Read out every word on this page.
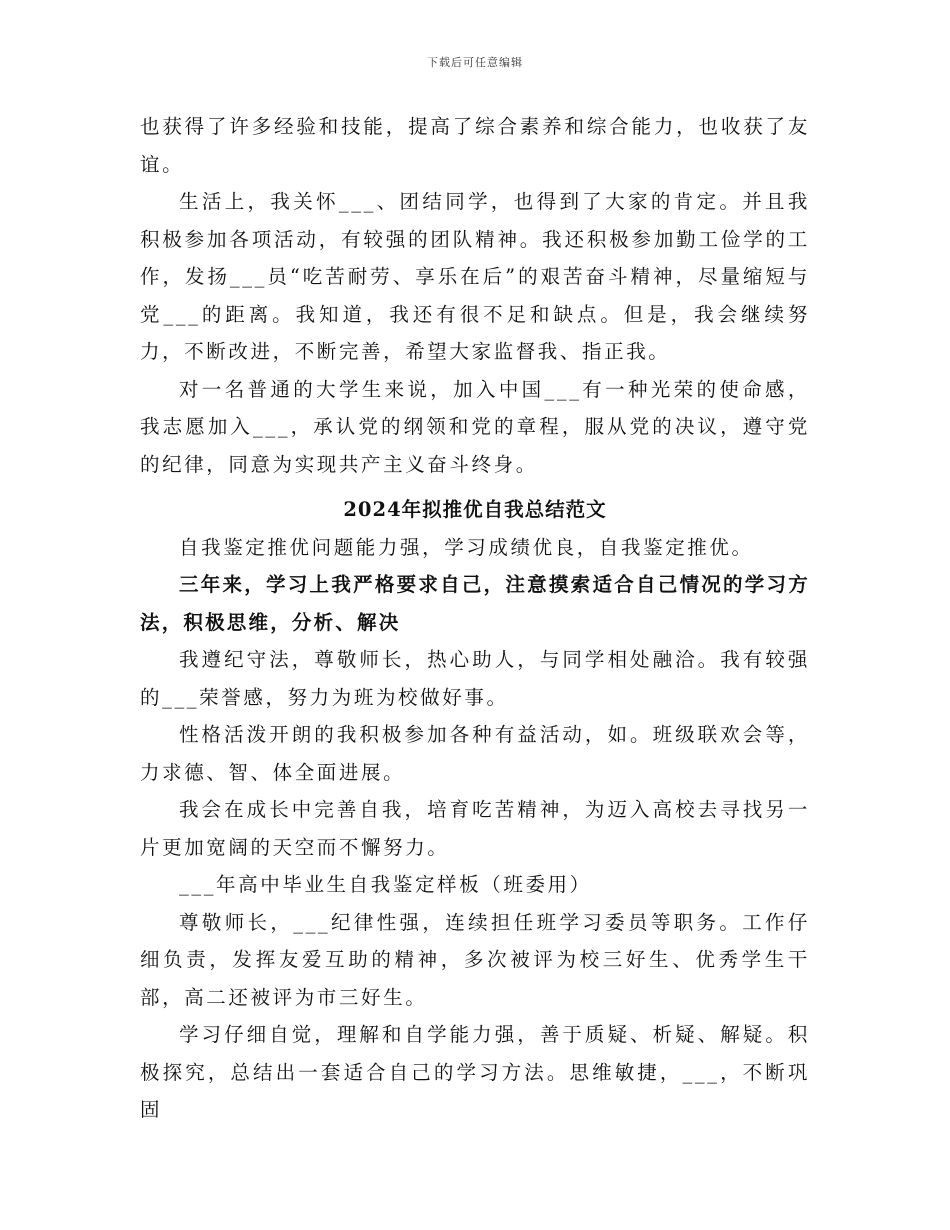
下载后可任意编辑

也获得了许多经验和技能，提高了综合素养和综合能力，也收获了友谊。

生活上，我关怀___、团结同学，也得到了大家的肯定。并且我积极参加各项活动，有较强的团队精神。我还积极参加勤工俭学的工作，发扬___员“吃苦耐劳、享乐在后”的艰苦奋斗精神，尽量缩短与党___的距离。我知道，我还有很不足和缺点。但是，我会继续努力，不断改进，不断完善，希望大家监督我、指正我。

对一名普通的大学生来说，加入中国___有一种光荣的使命感，我志愿加入___，承认党的纲领和党的章程，服从党的决议，遵守党的纪律，同意为实现共产主义奋斗终身。

2024年拟推优自我总结范文

自我鉴定推优问题能力强，学习成绩优良，自我鉴定推优。

三年来，学习上我严格要求自己，注意摸索适合自己情况的学习方法，积极思维，分析、解决

我遵纪守法，尊敬师长，热心助人，与同学相处融洽。我有较强的___荣誉感，努力为班为校做好事。

性格活泼开朗的我积极参加各种有益活动，如。班级联欢会等，力求德、智、体全面进展。

我会在成长中完善自我，培育吃苦精神，为迈入高校去寻找另一片更加宽阔的天空而不懈努力。

___年高中毕业生自我鉴定样板（班委用）

尊敬师长，___纪律性强，连续担任班学习委员等职务。工作仔细负责，发挥友爱互助的精神，多次被评为校三好生、优秀学生干部，高二还被评为市三好生。

学习仔细自觉，理解和自学能力强，善于质疑、析疑、解疑。积极探究，总结出一套适合自己的学习方法。思维敏捷，___，不断巩固
